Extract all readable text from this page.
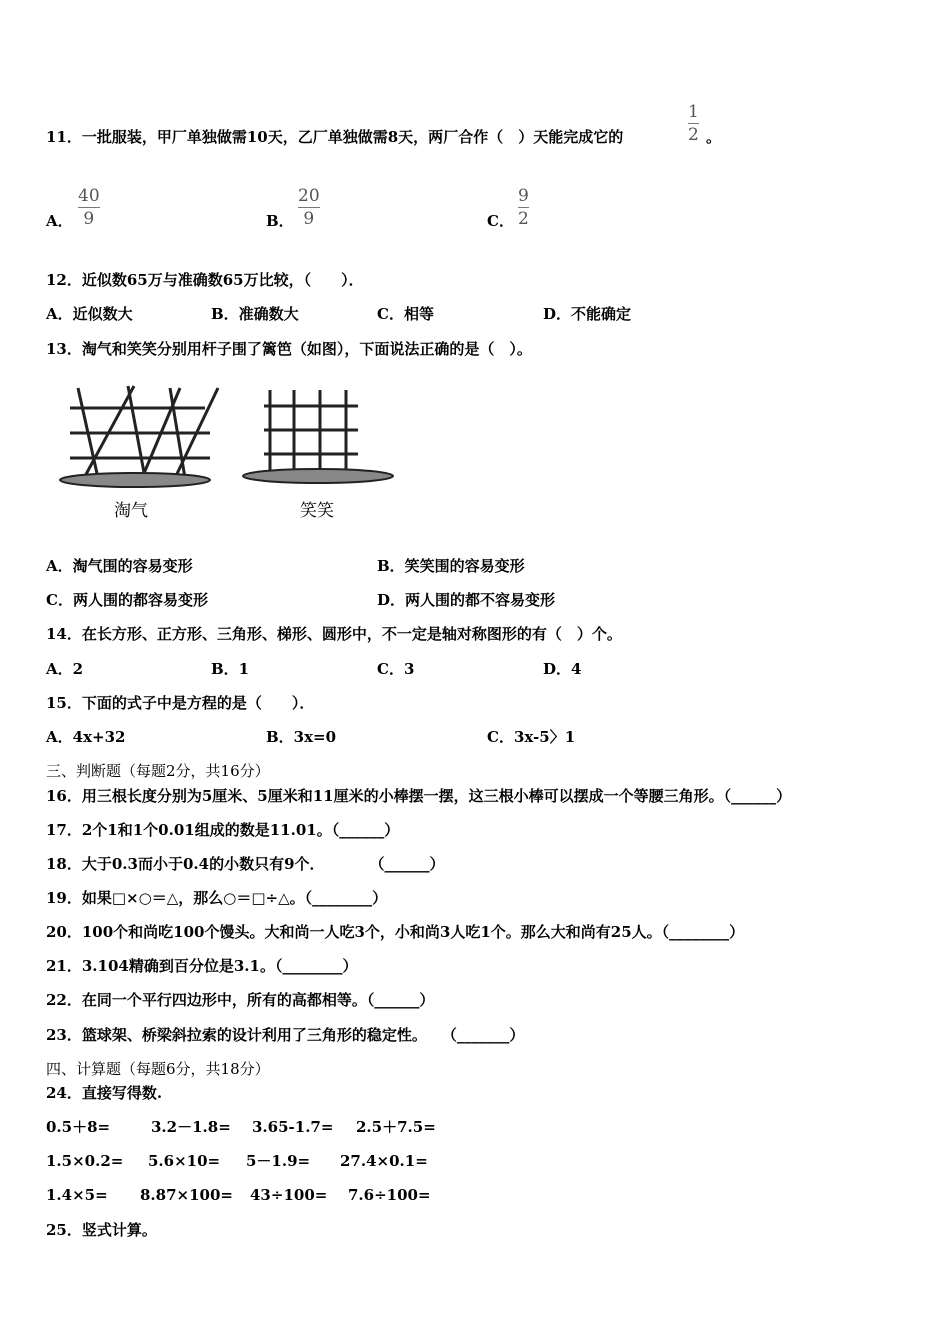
11．一批服装，甲厂单独做需10天，乙厂单独做需8天，两厂合作（　）天能完成它的
1
2 。
A．
40
9	B．
20
9	C．
9
2
12．近似数65万与准确数65万比较，（　　）．
A．近似数大	B．准确数大	C．相等	D．不能确定
13．淘气和笑笑分别用杆子围了篱笆（如图），下面说法正确的是（　）。
淘气	笑笑
A．淘气围的容易变形	B．笑笑围的容易变形
C．两人围的都容易变形	D．两人围的都不容易变形
14．在长方形、正方形、三角形、梯形、圆形中，不一定是轴对称图形的有（　）个。
A．2	B．1	C．3	D．4
15．下面的式子中是方程的是（　　）．
A．4x+32	B．3x=0	C．3x-5〉1
三、判断题（每题2分，共16分）
16．用三根长度分别为5厘米、5厘米和11厘米的小棒摆一摆，这三根小棒可以摆成一个等腰三角形。（______）
17．2个1和1个0.01组成的数是11.01。（______）
18．大于0.3而小于0.4的小数只有9个．　　　　（______）
19．如果□×○＝△，那么○＝□÷△。（________）
20．100个和尚吃100个馒头。大和尚一人吃3个，小和尚3人吃1个。那么大和尚有25人。（________）
21．3.104精确到百分位是3.1。（________）
22．在同一个平行四边形中，所有的高都相等。（______）
23．篮球架、桥梁斜拉索的设计利用了三角形的稳定性。　　（_______）
四、计算题（每题6分，共18分）
24．直接写得数.
0.5＋8=	3.2－1.8= 3.65-1.7= 2.5＋7.5=
1.5×0.2= 5.6×10= 5－1.9= 27.4×0.1=
1.4×5= 8.87×100= 43÷100= 7.6÷100=
25．竖式计算。
